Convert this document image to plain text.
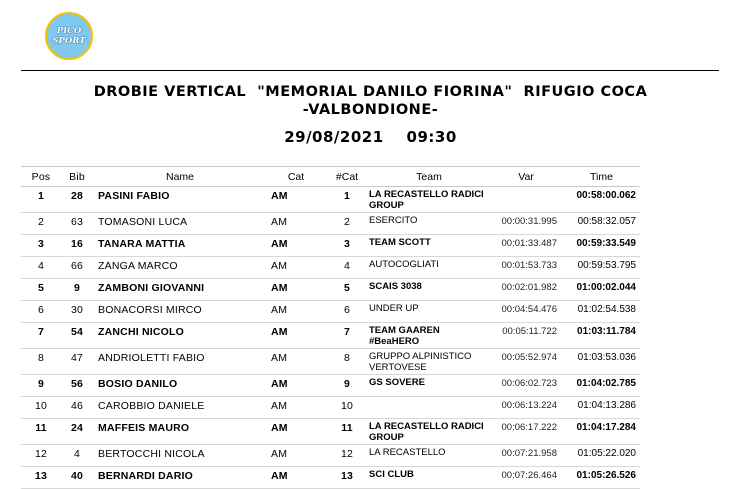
PICO
SPORT
DROBIE VERTICAL  "MEMORIAL DANILO FIORINA"  RIFUGIO COCA
-VALBONDIONE-
29/08/2021    09:30
Pos	Bib	Name	Cat	#Cat	Team	Var	Time
1	28	PASINI FABIO	AM	1	LA RECASTELLO RADICI GROUP		00:58:00.062
2	63	TOMASONI LUCA	AM	2	ESERCITO	00:00:31.995	00:58:32.057
3	16	TANARA MATTIA	AM	3	TEAM SCOTT	00:01:33.487	00:59:33.549
4	66	ZANGA MARCO	AM	4	AUTOCOGLIATI	00:01:53.733	00:59:53.795
5	9	ZAMBONI GIOVANNI	AM	5	SCAIS 3038	00:02:01.982	01:00:02.044
6	30	BONACORSI MIRCO	AM	6	UNDER UP	00:04:54.476	01:02:54.538
7	54	ZANCHI NICOLO	AM	7	TEAM GAAREN #BeaHERO	00:05:11.722	01:03:11.784
8	47	ANDRIOLETTI FABIO	AM	8	GRUPPO ALPINISTICO VERTOVESE	00:05:52.974	01:03:53.036
9	56	BOSIO DANILO	AM	9	GS SOVERE	00:06:02.723	01:04:02.785
10	46	CAROBBIO DANIELE	AM	10		00:06:13.224	01:04:13.286
11	24	MAFFEIS MAURO	AM	11	LA RECASTELLO RADICI GROUP	00:06:17.222	01:04:17.284
12	4	BERTOCCHI NICOLA	AM	12	LA RECASTELLO	00:07:21.958	01:05:22.020
13	40	BERNARDI DARIO	AM	13	SCI CLUB	00:07:26.464	01:05:26.526
